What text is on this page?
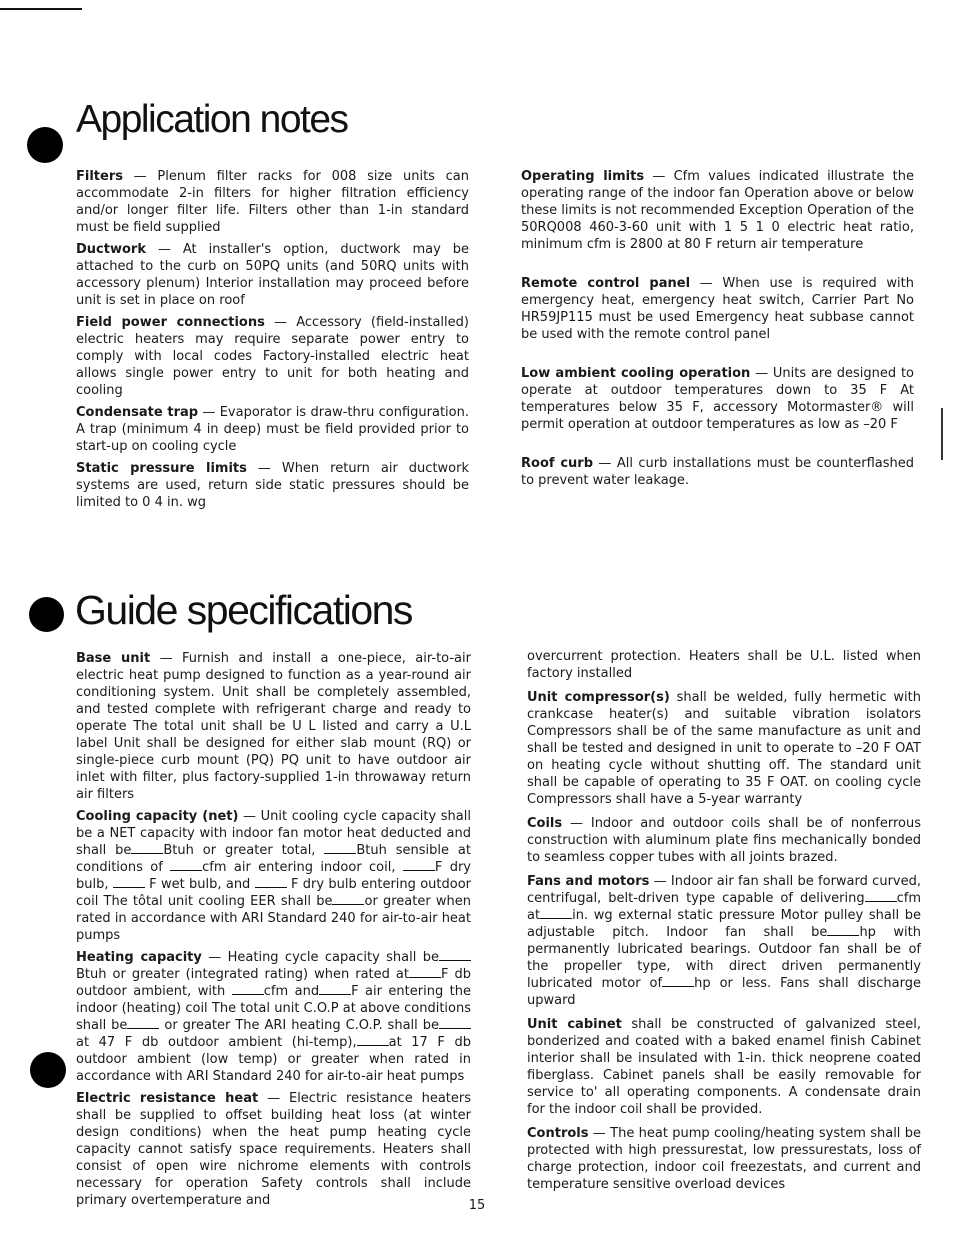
Application notes

Filters — Plenum filter racks for 008 size units can accommodate 2-in filters for higher filtration efficiency and/or longer filter life. Filters other than 1-in standard must be field supplied

Ductwork — At installer's option, ductwork may be attached to the curb on 50PQ units (and 50RQ units with accessory plenum) Interior installation may proceed before unit is set in place on roof

Field power connections — Accessory (field-installed) electric heaters may require separate power entry to comply with local codes Factory-installed electric heat allows single power entry to unit for both heating and cooling

Condensate trap — Evaporator is draw-thru configuration. A trap (minimum 4 in deep) must be field provided prior to start-up on cooling cycle

Static pressure limits — When return air ductwork systems are used, return side static pressures should be limited to 0 4 in. wg

Operating limits — Cfm values indicated illustrate the operating range of the indoor fan Operation above or below these limits is not recommended Exception Operation of the 50RQ008 460-3-60 unit with 1 5 1 0 electric heat ratio, minimum cfm is 2800 at 80 F return air temperature

Remote control panel — When use is required with emergency heat, emergency heat switch, Carrier Part No HR59JP115 must be used Emergency heat subbase cannot be used with the remote control panel

Low ambient cooling operation — Units are designed to operate at outdoor temperatures down to 35 F At temperatures below 35 F, accessory Motormaster® will permit operation at outdoor temperatures as low as –20 F

Roof curb — All curb installations must be counterflashed to prevent water leakage.

Guide specifications

Base unit — Furnish and install a one-piece, air-to-air electric heat pump designed to function as a year-round air conditioning system. Unit shall be completely assembled, and tested complete with refrigerant charge and ready to operate The total unit shall be U L listed and carry a U.L label Unit shall be designed for either slab mount (RQ) or single-piece curb mount (PQ) PQ unit to have outdoor air inlet with filter, plus factory-supplied 1-in throwaway return air filters

Cooling capacity (net) — Unit cooling cycle capacity shall be a NET capacity with indoor fan motor heat deducted and shall be Btuh or greater total, Btuh sensible at conditions of cfm air entering indoor coil, F dry bulb,  F wet bulb, and  F dry bulb entering outdoor coil The tôtal unit cooling EER shall be or greater when rated in accordance with ARI Standard 240 for air-to-air heat pumps

Heating capacity — Heating cycle capacity shall be Btuh or greater (integrated rating) when rated at F db outdoor ambient, with cfm and F air entering the indoor (heating) coil The total unit C.O.P at above conditions shall be or greater The ARI heating C.O.P. shall be at 47 F db outdoor ambient (hi-temp), at 17 F db outdoor ambient (low temp) or greater when rated in accordance with ARI Standard 240 for air-to-air heat pumps

Electric resistance heat — Electric resistance heaters shall be supplied to offset building heat loss (at winter design conditions) when the heat pump heating cycle capacity cannot satisfy space requirements. Heaters shall consist of open wire nichrome elements with controls necessary for operation Safety controls shall include primary overtemperature and

overcurrent protection. Heaters shall be U.L. listed when factory installed

Unit compressor(s) shall be welded, fully hermetic with crankcase heater(s) and suitable vibration isolators Compressors shall be of the same manufacture as unit and shall be tested and designed in unit to operate to –20 F OAT on heating cycle without shutting off. The standard unit shall be capable of operating to 35 F OAT. on cooling cycle Compressors shall have a 5-year warranty

Coils — Indoor and outdoor coils shall be of nonferrous construction with aluminum plate fins mechanically bonded to seamless copper tubes with all joints brazed.

Fans and motors — Indoor air fan shall be forward curved, centrifugal, belt-driven type capable of delivering cfm at in. wg external static pressure Motor pulley shall be adjustable pitch. Indoor fan shall be hp with permanently lubricated bearings. Outdoor fan shall be of the propeller type, with direct driven permanently lubricated motor of hp or less. Fans shall discharge upward

Unit cabinet shall be constructed of galvanized steel, bonderized and coated with a baked enamel finish Cabinet interior shall be insulated with 1-in. thick neoprene coated fiberglass. Cabinet panels shall be easily removable for service to' all operating components. A condensate drain for the indoor coil shall be provided.

Controls — The heat pump cooling/heating system shall be protected with high pressurestat, low pressurestats, loss of charge protection, indoor coil freezestats, and current and temperature sensitive overload devices

15
